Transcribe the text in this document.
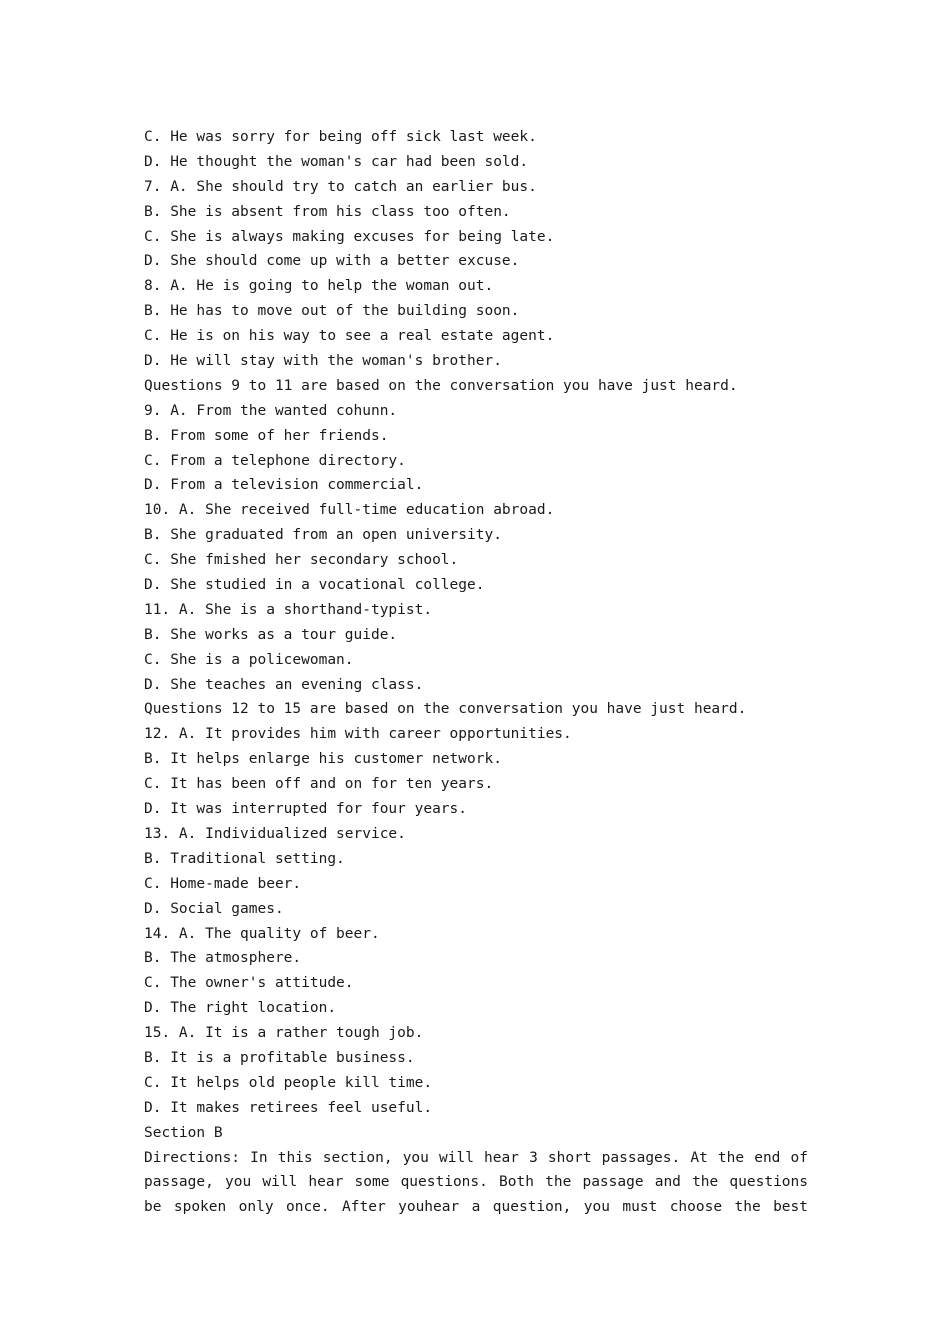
C. He was sorry for being off sick last week.
D. He thought the woman's car had been sold.
7. A. She should try to catch an earlier bus.
B. She is absent from his class too often.
C. She is always making excuses for being late.
D. She should come up with a better excuse.
8. A. He is going to help the woman out.
B. He has to move out of the building soon.
C. He is on his way to see a real estate agent.
D. He will stay with the woman's brother.
Questions 9 to 11 are based on the conversation you have just heard.
9. A. From the wanted cohunn.
B. From some of her friends.
C. From a telephone directory.
D. From a television commercial.
10. A. She received full-time education abroad.
B. She graduated from an open university.
C. She fmished her secondary school.
D. She studied in a vocational college.
11. A. She is a shorthand-typist.
B. She works as a tour guide.
C. She is a policewoman.
D. She teaches an evening class.
Questions 12 to 15 are based on the conversation you have just heard.
12. A. It provides him with career opportunities.
B. It helps enlarge his customer network.
C. It has been off and on for ten years.
D. It was interrupted for four years.
13. A. Individualized service.
B. Traditional setting.
C. Home-made beer.
D. Social games.
14. A. The quality of beer.
B. The atmosphere.
C. The owner's attitude.
D. The right location.
15. A. It is a rather tough job.
B. It is a profitable business.
C. It helps old people kill time.
D. It makes retirees feel useful.
Section B
Directions: In this section, you will hear 3 short passages. At the end of
passage, you will hear some questions. Both the passage and the questions
be spoken only once. After youhear a question, you must choose the best
